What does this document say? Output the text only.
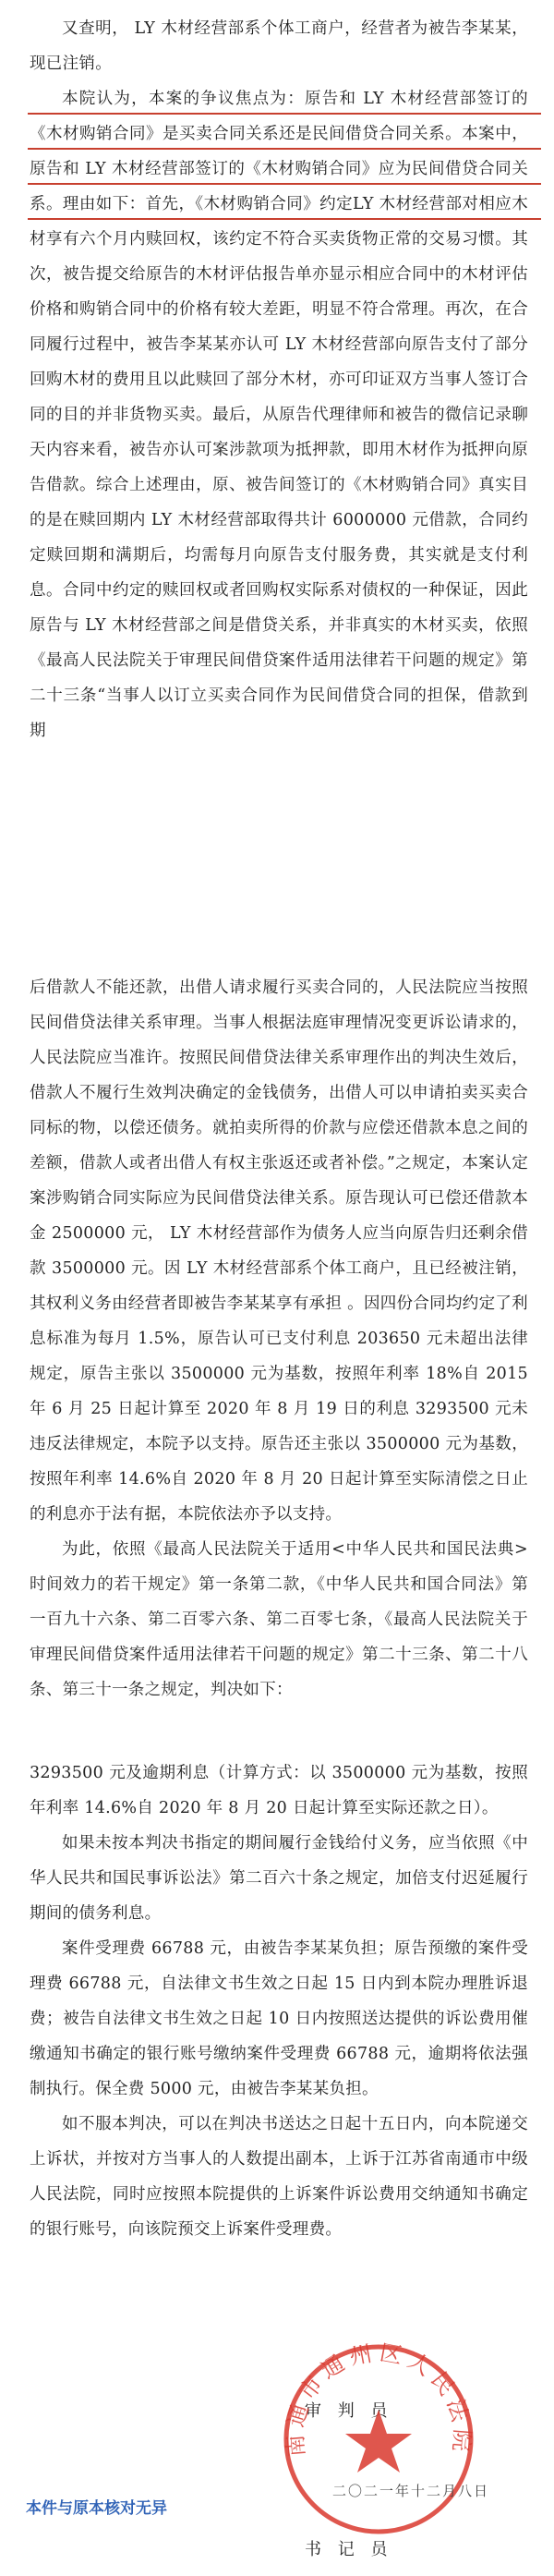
又查明， LY 木材经营部系个体工商户，经营者为被告李某某，现已注销。

本院认为，本案的争议焦点为：原告和 LY 木材经营部签订的《木材购销合同》是买卖合同关系还是民间借贷合同关系。本案中，原告和 LY 木材经营部签订的《木材购销合同》应为民间借贷合同关系。理由如下：首先，《木材购销合同》约定LY 木材经营部对相应木材享有六个月内赎回权，该约定不符合买卖货物正常的交易习惯。其次，被告提交给原告的木材评估报告单亦显示相应合同中的木材评估价格和购销合同中的价格有较大差距，明显不符合常理。再次，在合同履行过程中，被告李某某亦认可 LY 木材经营部向原告支付了部分回购木材的费用且以此赎回了部分木材，亦可印证双方当事人签订合同的目的并非货物买卖。最后，从原告代理律师和被告的微信记录聊天内容来看，被告亦认可案涉款项为抵押款，即用木材作为抵押向原告借款。综合上述理由，原、被告间签订的《木材购销合同》真实目的是在赎回期内 LY 木材经营部取得共计 6000000 元借款，合同约定赎回期和满期后，均需每月向原告支付服务费，其实就是支付利息。合同中约定的赎回权或者回购权实际系对债权的一种保证，因此原告与 LY 木材经营部之间是借贷关系，并非真实的木材买卖，依照《最高人民法院关于审理民间借贷案件适用法律若干问题的规定》第二十三条“当事人以订立买卖合同作为民间借贷合同的担保，借款到期

后借款人不能还款，出借人请求履行买卖合同的，人民法院应当按照民间借贷法律关系审理。当事人根据法庭审理情况变更诉讼请求的，人民法院应当准许。按照民间借贷法律关系审理作出的判决生效后，借款人不履行生效判决确定的金钱债务，出借人可以申请拍卖买卖合同标的物，以偿还债务。就拍卖所得的价款与应偿还借款本息之间的差额，借款人或者出借人有权主张返还或者补偿。”之规定，本案认定案涉购销合同实际应为民间借贷法律关系。原告现认可已偿还借款本金 2500000 元， LY 木材经营部作为债务人应当向原告归还剩余借款 3500000 元。因 LY 木材经营部系个体工商户，且已经被注销，其权利义务由经营者即被告李某某享有承担 。因四份合同均约定了利息标准为每月 1.5%，原告认可已支付利息 203650 元未超出法律规定，原告主张以 3500000 元为基数，按照年利率 18%自 2015 年 6 月 25 日起计算至 2020 年 8 月 19 日的利息 3293500 元未违反法律规定，本院予以支持。原告还主张以 3500000 元为基数，按照年利率 14.6%自 2020 年 8 月 20 日起计算至实际清偿之日止的利息亦于法有据，本院依法亦予以支持。

为此，依照《最高人民法院关于适用<中华人民共和国民法典>时间效力的若干规定》第一条第二款，《中华人民共和国合同法》第一百九十六条、第二百零六条、第二百零七条，《最高人民法院关于审理民间借贷案件适用法律若干问题的规定》第二十三条、第二十八条、第三十一条之规定，判决如下：

3293500 元及逾期利息（计算方式：以 3500000 元为基数，按照年利率 14.6%自 2020 年 8 月 20 日起计算至实际还款之日）。

如果未按本判决书指定的期间履行金钱给付义务，应当依照《中华人民共和国民事诉讼法》第二百六十条之规定，加倍支付迟延履行期间的债务利息。

案件受理费 66788 元，由被告李某某负担；原告预缴的案件受理费 66788 元，自法律文书生效之日起 15 日内到本院办理胜诉退费；被告自法律文书生效之日起 10 日内按照送达提供的诉讼费用催缴通知书确定的银行账号缴纳案件受理费 66788 元，逾期将依法强制执行。保全费 5000 元，由被告李某某负担。

如不服本判决，可以在判决书送达之日起十五日内，向本院递交上诉状，并按对方当事人的人数提出副本，上诉于江苏省南通市中级人民法院，同时应按照本院提供的上诉案件诉讼费用交纳通知书确定的银行账号，向该院预交上诉案件受理费。

审 判 员
南通市通州区人民法院
二〇二一年十二月八日
书 记 员
本件与原本核对无异
